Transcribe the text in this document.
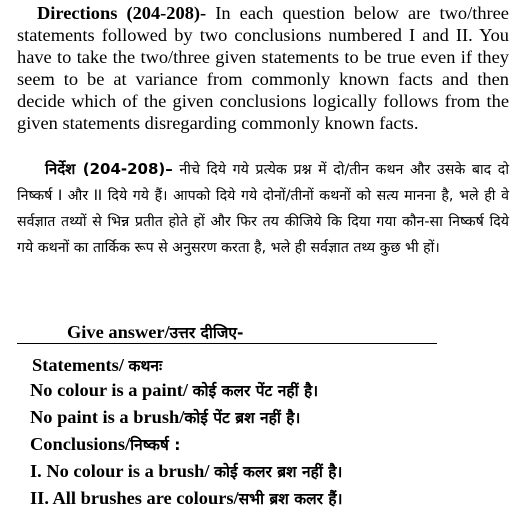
Directions (204-208)- In each question below are two/three statements followed by two conclusions numbered I and II. You have to take the two/three given statements to be true even if they seem to be at variance from commonly known facts and then decide which of the given conclusions logically follows from the given statements disregarding commonly known facts.

निर्देश (204-208)– नीचे दिये गये प्रत्येक प्रश्न में दो/तीन कथन और उसके बाद दो निष्कर्ष I और II दिये गये हैं। आपको दिये गये दोनों/तीनों कथनों को सत्य मानना है, भले ही वे सर्वज्ञात तथ्यों से भिन्न प्रतीत होते हों और फिर तय कीजिये कि दिया गया कौन-सा निष्कर्ष दिये गये कथनों का तार्किक रूप से अनुसरण करता है, भले ही सर्वज्ञात तथ्य कुछ भी हों।

Give answer/उत्तर दीजिए-
Statements/ कथनः
No colour is a paint/ कोई कलर पेंट नहीं है।
No paint is a brush/कोई पेंट ब्रश नहीं है।
Conclusions/निष्कर्ष :
I. No colour is a brush/ कोई कलर ब्रश नहीं है।
II. All brushes are colours/सभी ब्रश कलर हैं।
